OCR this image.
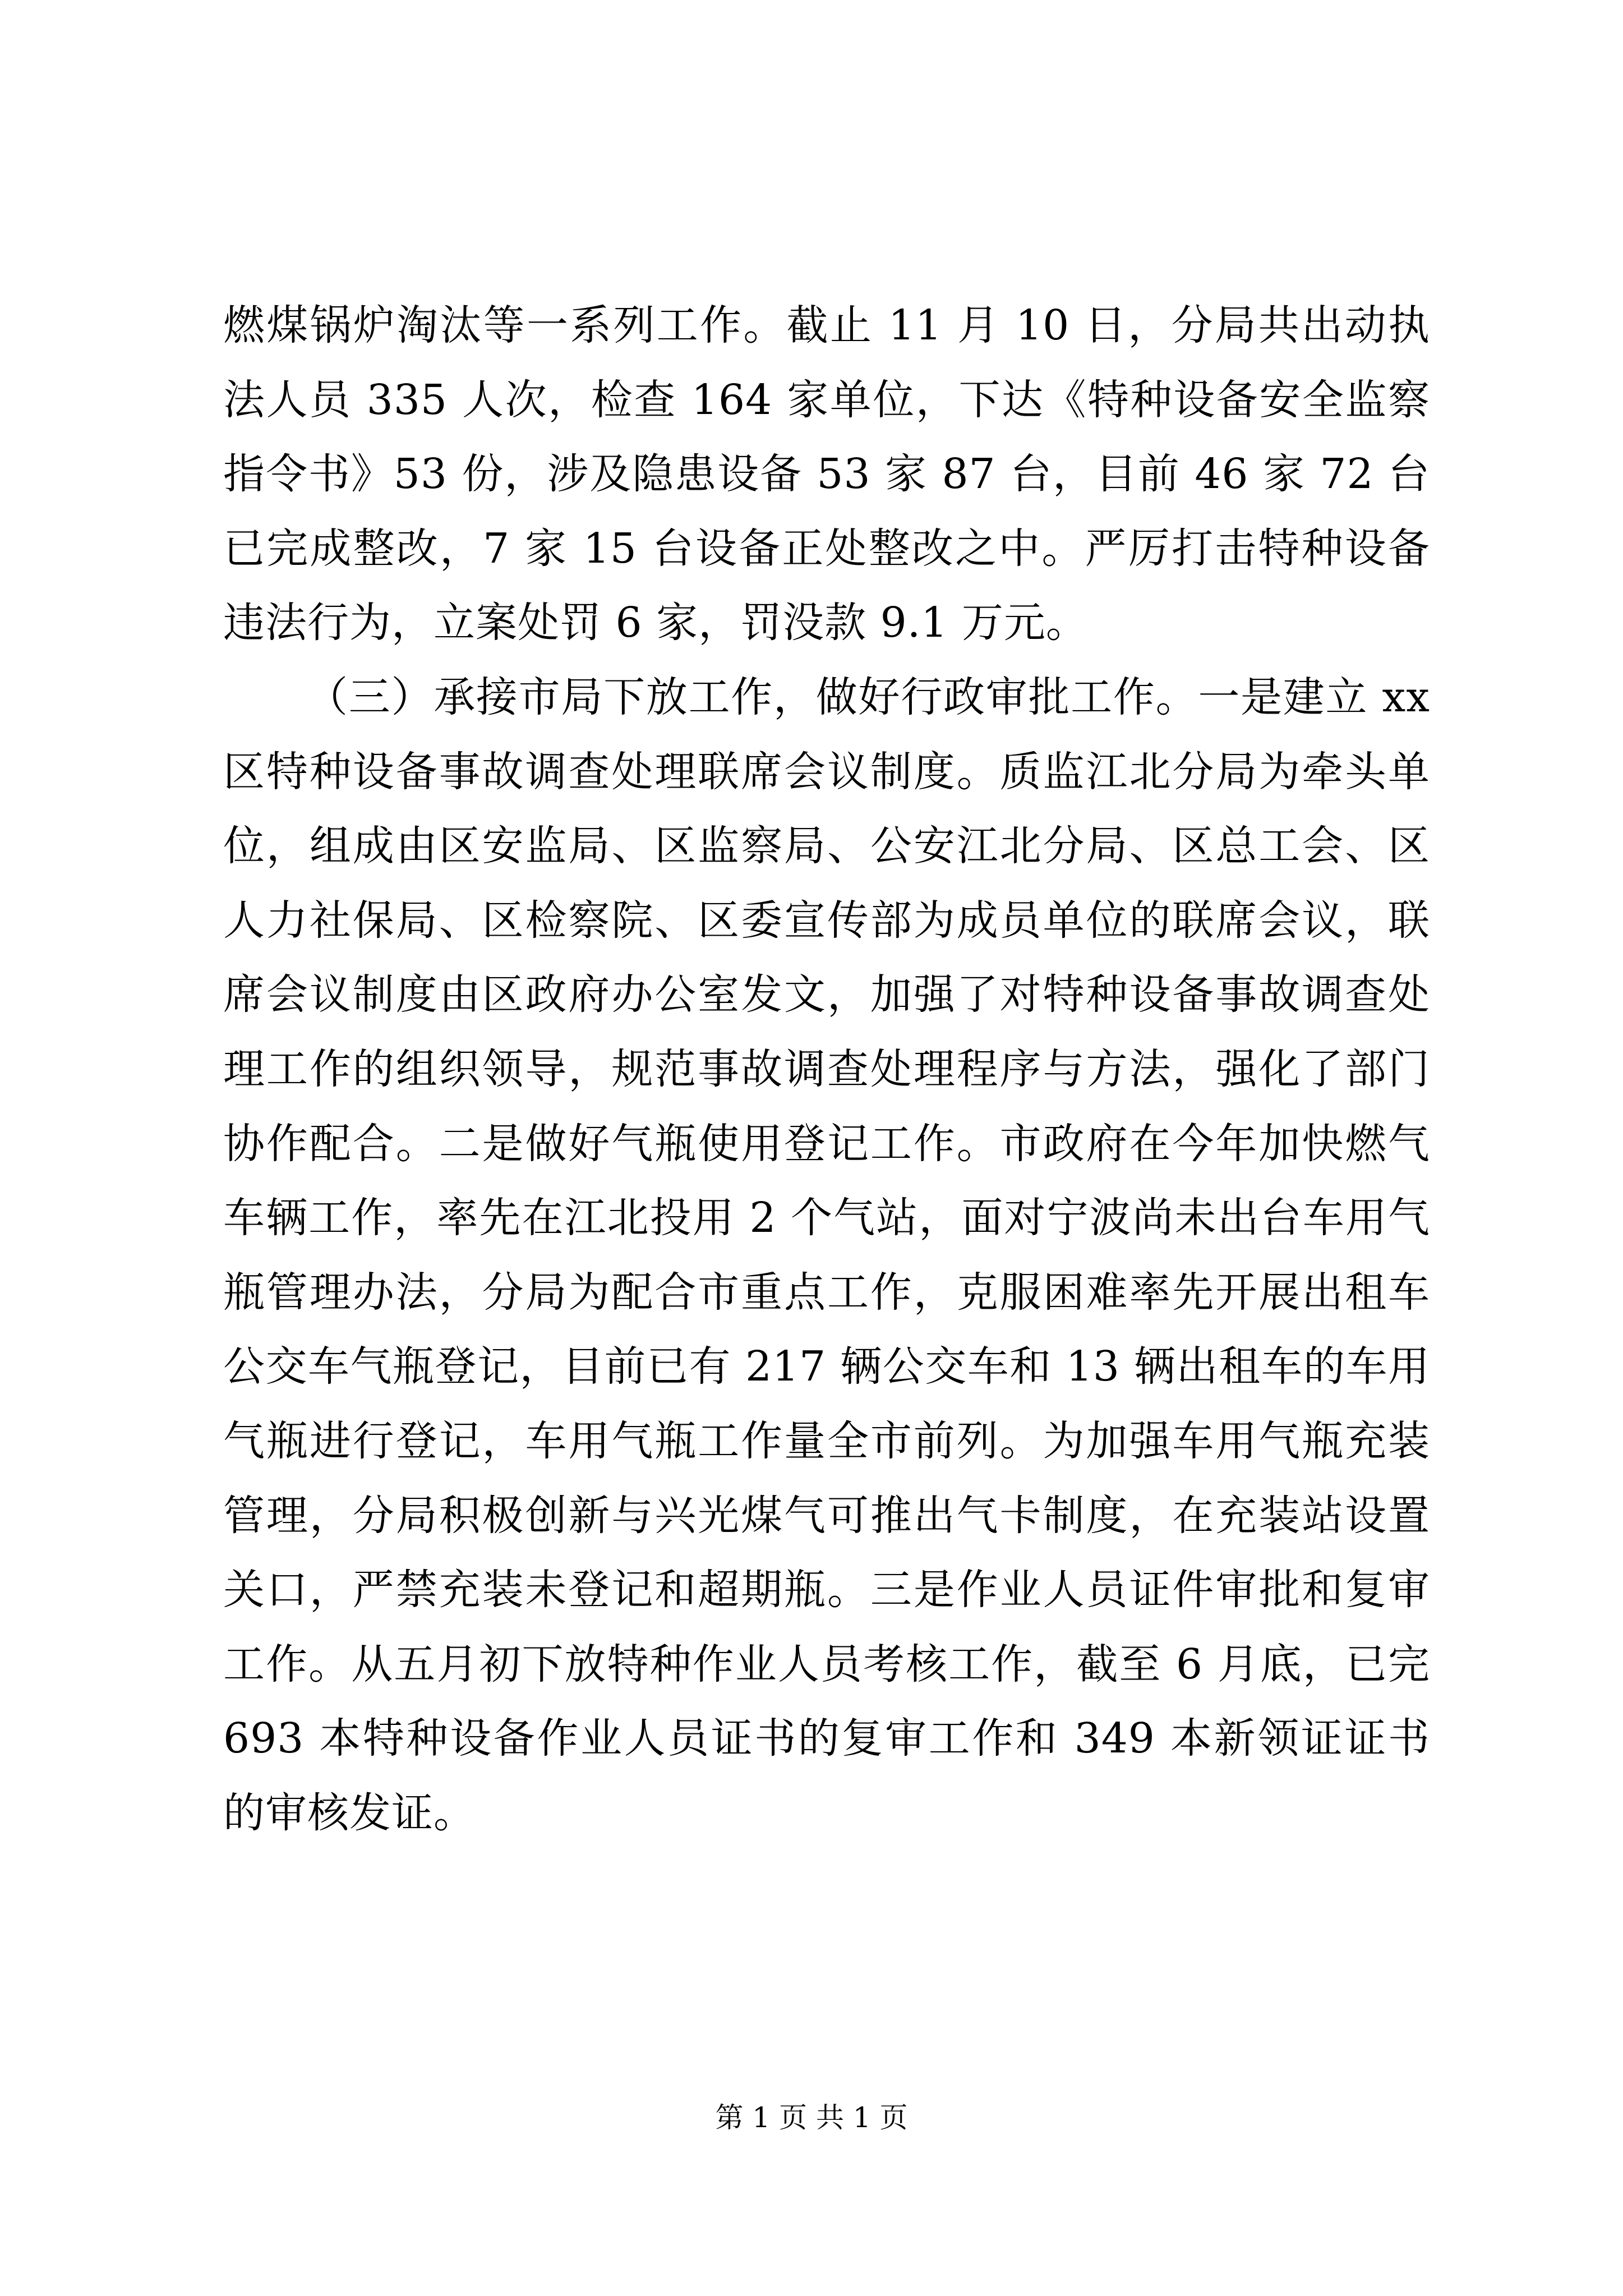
燃煤锅炉淘汰等一系列工作。截止 11 月 10 日，分局共出动执法人员 335 人次，检查 164 家单位，下达《特种设备安全监察指令书》53 份，涉及隐患设备 53 家 87 台，目前 46 家 72 台已完成整改，7 家 15 台设备正处整改之中。严厉打击特种设备违法行为，立案处罚 6 家，罚没款 9.1 万元。

（三）承接市局下放工作，做好行政审批工作。一是建立 xx 区特种设备事故调查处理联席会议制度。质监江北分局为牵头单位，组成由区安监局、区监察局、公安江北分局、区总工会、区人力社保局、区检察院、区委宣传部为成员单位的联席会议，联席会议制度由区政府办公室发文，加强了对特种设备事故调查处理工作的组织领导，规范事故调查处理程序与方法，强化了部门协作配合。二是做好气瓶使用登记工作。市政府在今年加快燃气车辆工作，率先在江北投用 2 个气站，面对宁波尚未出台车用气瓶管理办法，分局为配合市重点工作，克服困难率先开展出租车公交车气瓶登记，目前已有 217 辆公交车和 13 辆出租车的车用气瓶进行登记，车用气瓶工作量全市前列。为加强车用气瓶充装管理，分局积极创新与兴光煤气可推出气卡制度，在充装站设置关口，严禁充装未登记和超期瓶。三是作业人员证件审批和复审工作。从五月初下放特种作业人员考核工作，截至 6 月底，已完 693 本特种设备作业人员证书的复审工作和 349 本新领证证书的审核发证。

第 1 页 共 1 页
